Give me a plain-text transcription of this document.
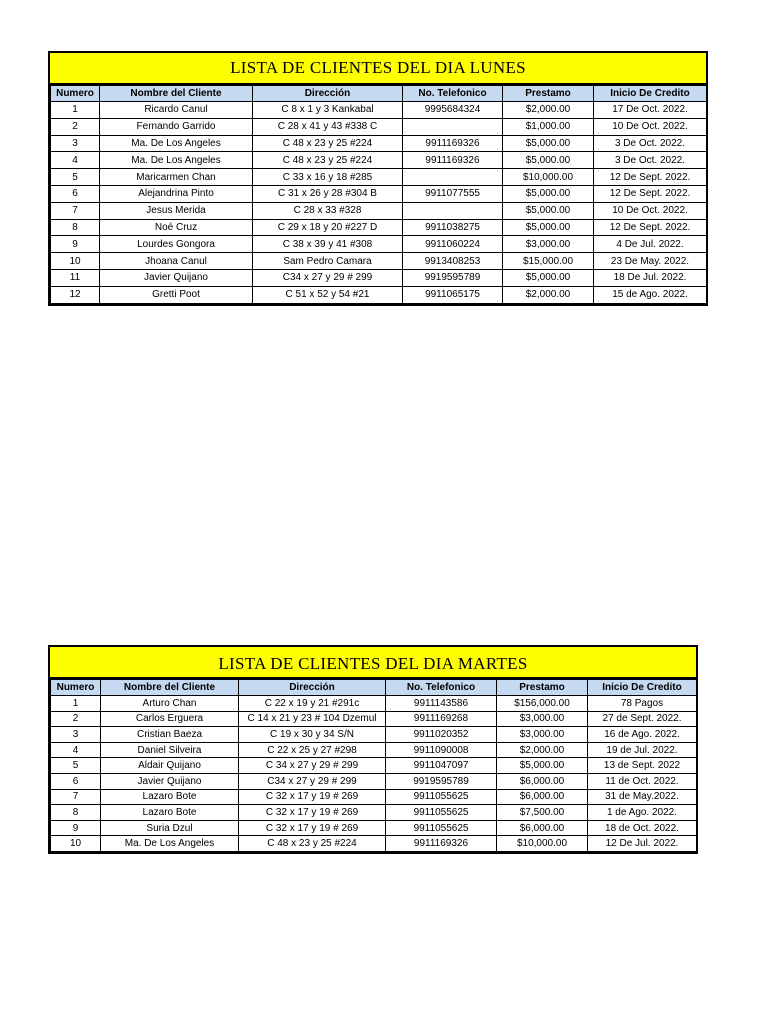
LISTA DE CLIENTES DEL DIA LUNES
Numero	Nombre del Cliente	Dirección	No. Telefonico	Prestamo	Inicio De Credito
1	Ricardo Canul	C 8 x 1 y 3 Kankabal	9995684324	$2,000.00	17 De Oct. 2022.
2	Fernando Garrido	C 28 x 41 y 43 #338 C		$1,000.00	10 De Oct. 2022.
3	Ma. De Los Angeles	C 48 x 23 y 25 #224	9911169326	$5,000.00	3 De Oct. 2022.
4	Ma. De Los Angeles	C 48 x 23 y 25 #224	9911169326	$5,000.00	3 De Oct. 2022.
5	Maricarmen Chan	C 33 x 16 y 18 #285		$10,000.00	12 De Sept. 2022.
6	Alejandrina Pinto	C 31 x 26 y 28 #304 B	9911077555	$5,000.00	12 De Sept. 2022.
7	Jesus Merida	C 28 x 33 #328		$5,000.00	10 De Oct. 2022.
8	Noé Cruz	C 29 x 18 y 20 #227 D	9911038275	$5,000.00	12 De Sept. 2022.
9	Lourdes Gongora	C 38 x 39 y 41 #308	9911060224	$3,000.00	4 De Jul. 2022.
10	Jhoana Canul	Sam Pedro Camara	9913408253	$15,000.00	23 De May. 2022.
11	Javier Quijano	C34 x 27 y 29 # 299	9919595789	$5,000.00	18 De Jul. 2022.
12	Gretti Poot	C 51 x 52 y 54 #21	9911065175	$2,000.00	15 de Ago. 2022.
LISTA DE CLIENTES DEL DIA MARTES
Numero	Nombre del Cliente	Dirección	No. Telefonico	Prestamo	Inicio De Credito
1	Arturo Chan	C 22 x 19 y 21 #291c	9911143586	$156,000.00	78 Pagos
2	Carlos Erguera	C 14 x 21 y 23 # 104 Dzemul	9911169268	$3,000.00	27 de Sept. 2022.
3	Cristian Baeza	C 19 x 30 y 34 S/N	9911020352	$3,000.00	16 de Ago. 2022.
4	Daniel Silveira	C 22 x 25 y 27 #298	9911090008	$2,000.00	19 de Jul. 2022.
5	Aldair Quijano	C 34 x 27 y 29 # 299	9911047097	$5,000.00	13 de Sept. 2022
6	Javier Quijano	C34 x 27 y 29 # 299	9919595789	$6,000.00	11 de Oct. 2022.
7	Lazaro Bote	C 32 x 17 y 19 # 269	9911055625	$6,000.00	31 de May.2022.
8	Lazaro Bote	C 32 x 17 y 19 # 269	9911055625	$7,500.00	1 de Ago. 2022.
9	Suria Dzul	C 32 x 17 y 19 # 269	9911055625	$6,000.00	18 de Oct. 2022.
10	Ma. De Los Angeles	C 48 x 23 y 25 #224	9911169326	$10,000.00	12 De Jul. 2022.
